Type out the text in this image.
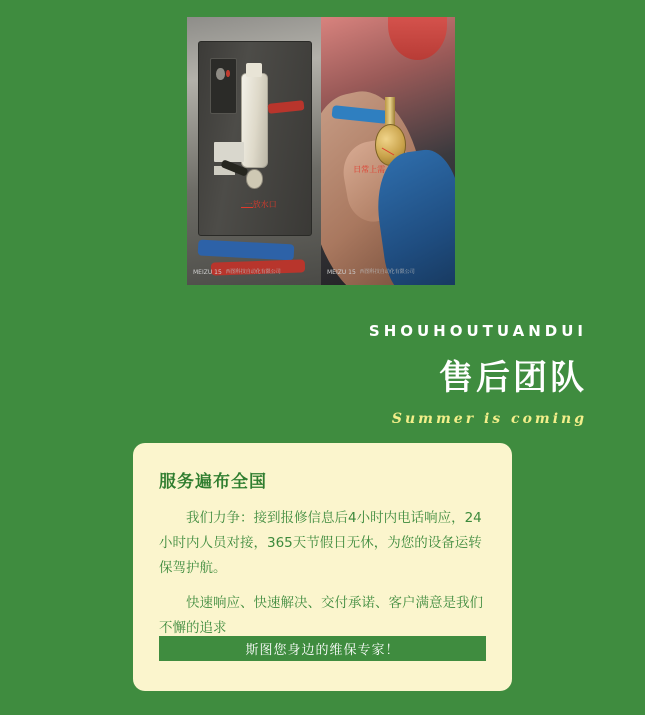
一放水口
日常上需
MEIZU 15 西图科技自动化有限公司	MEIZU 15 西图科技自动化有限公司
SHOUHOUTUANDUI
售后团队
Summer is coming
服务遍布全国
我们力争：接到报修信息后4小时内电话响应，24小时内人员对接，365天节假日无休，为您的设备运转保驾护航。
快速响应、快速解决、交付承诺、客户满意是我们不懈的追求
斯图您身边的维保专家！
